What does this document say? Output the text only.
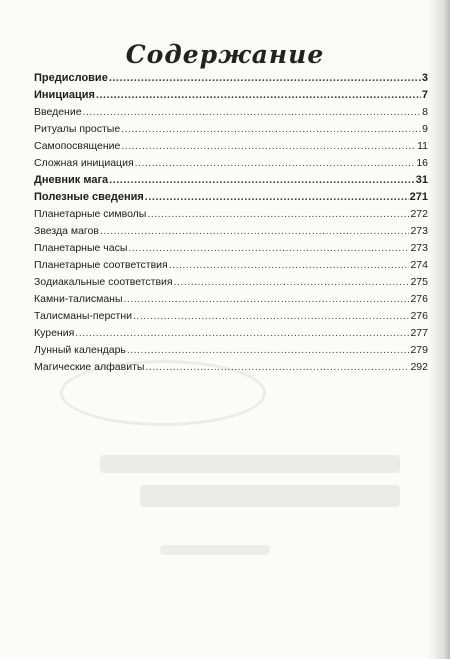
Содержание
Предисловие .....	3
Инициация .....	7
Введение .....	8
Ритуалы простые .....	9
Самопосвящение .....	11
Сложная инициация .....	16
Дневник мага .....	31
Полезные сведения .....	271
Планетарные символы .....	272
Звезда магов .....	273
Планетарные часы .....	273
Планетарные соответствия .....	274
Зодиакальные соответствия .....	275
Камни-талисманы .....	276
Талисманы-перстни .....	276
Курения .....	277
Лунный календарь .....	279
Магические алфавиты .....	292
